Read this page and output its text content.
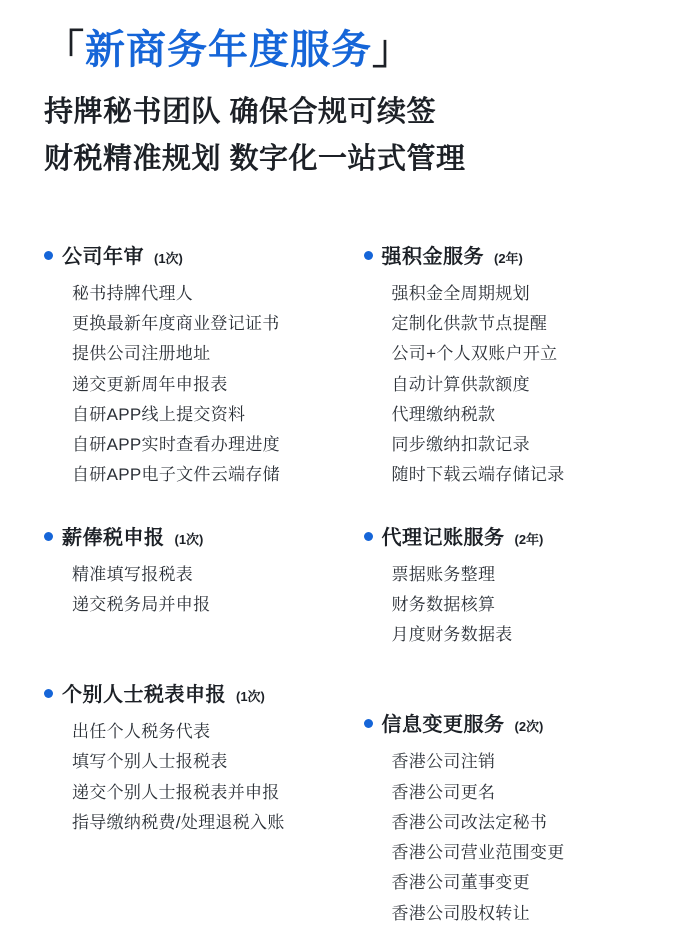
「新商务年度服务」
持牌秘书团队 确保合规可续签
财税精准规划 数字化一站式管理
公司年审 (1次)
秘书持牌代理人
更换最新年度商业登记证书
提供公司注册地址
递交更新周年申报表
自研APP线上提交资料
自研APP实时查看办理进度
自研APP电子文件云端存储
薪俸税申报 (1次)
精准填写报税表
递交税务局并申报
个别人士税表申报 (1次)
出任个人税务代表
填写个别人士报税表
递交个别人士报税表并申报
指导缴纳税费/处理退税入账
强积金服务 (2年)
强积金全周期规划
定制化供款节点提醒
公司+个人双账户开立
自动计算供款额度
代理缴纳税款
同步缴纳扣款记录
随时下载云端存储记录
代理记账服务 (2年)
票据账务整理
财务数据核算
月度财务数据表
信息变更服务 (2次)
香港公司注销
香港公司更名
香港公司改法定秘书
香港公司营业范围变更
香港公司董事变更
香港公司股权转让
